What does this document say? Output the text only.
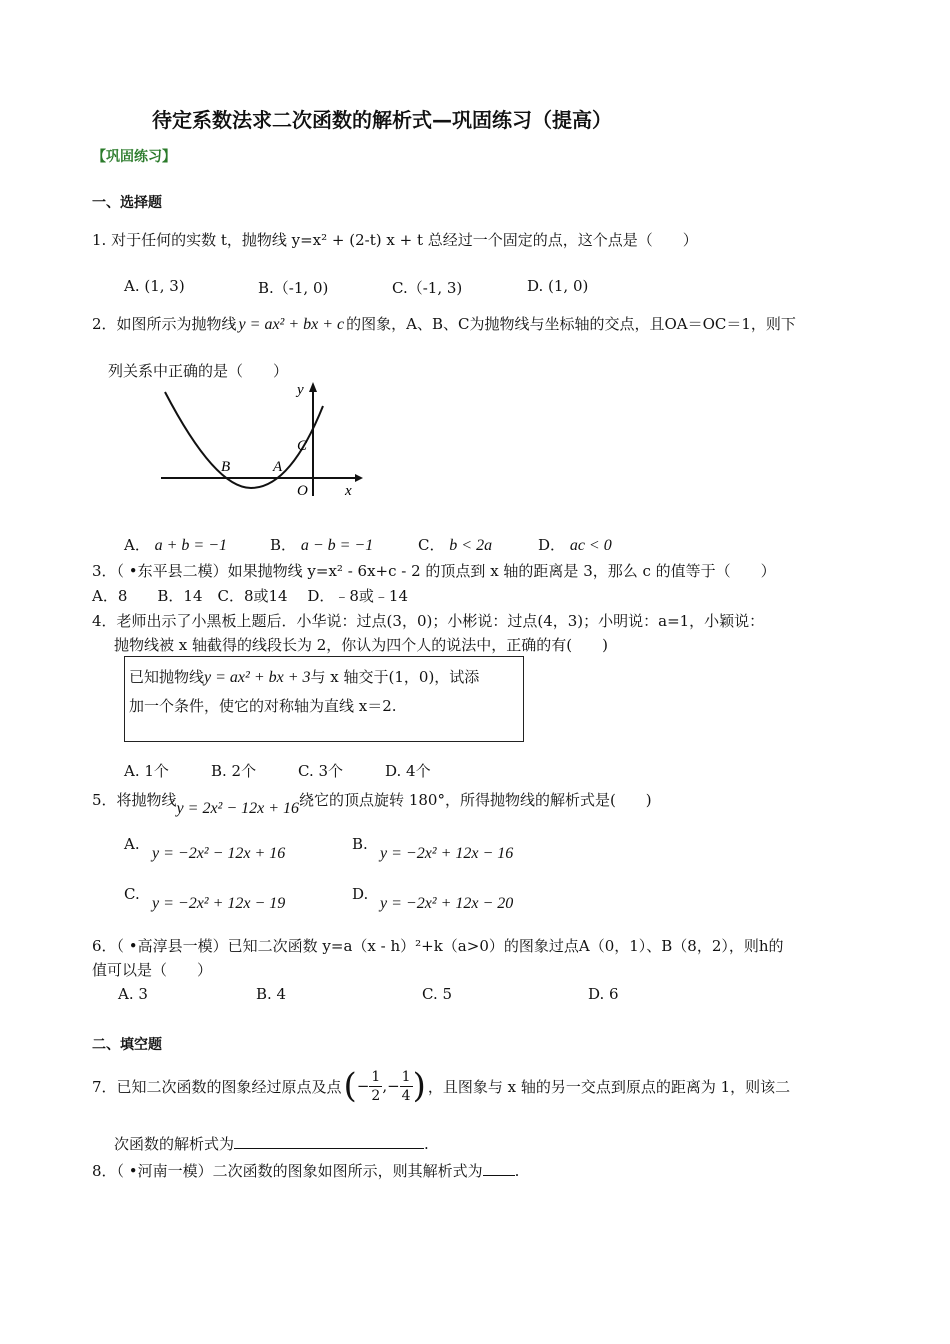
待定系数法求二次函数的解析式—巩固练习（提高）
【巩固练习】
一、选择题
1. 对于任何的实数 t，抛物线 y=x² + (2-t) x + t 总经过一个固定的点，这个点是（　　）
A. (1, 3)	B.（-1, 0)	C.（-1, 3)	D. (1, 0)
2．如图所示为抛物线 y = ax² + bx + c 的图象，A、B、C为抛物线与坐标轴的交点，且OA＝OC＝1，则下
列关系中正确的是（　　）
y
C
B	A
O x
A． a + b = −1	B． a − b = −1	C． b < 2a	D． ac < 0
3．（ •东平县二模）如果抛物线 y=x² - 6x+c - 2 的顶点到 x 轴的距离是 3，那么 c 的值等于（　　）
A．8　　B．14　C．8或14　 D．﹣8或﹣14
4．老师出示了小黑板上题后．小华说：过点(3，0)；小彬说：过点(4，3)；小明说：a=1，小颖说：
抛物线被 x 轴截得的线段长为 2，你认为四个人的说法中，正确的有(　　)
已知抛物线y = ax² + bx + 3与 x 轴交于(1，0)，试添
加一个条件，使它的对称轴为直线 x＝2.
A. 1个	B. 2个	C. 3个	D. 4个
5．将抛物线y = 2x² − 12x + 16绕它的顶点旋转 180°，所得抛物线的解析式是(　　)
A.
y = −2x² − 12x + 16
B.
y = −2x² + 12x − 16
C.
y = −2x² + 12x − 19
D.
y = −2x² + 12x − 20
6．（ •高淳县一模）已知二次函数 y=a（x - h）²+k（a>0）的图象过点A（0，1）、B（8，2），则h的
值可以是（　　）
A. 3	B. 4	C. 5	D. 6
二、填空题
7．已知二次函数的图象经过原点及点 ( − $\frac{1}{2}$ ,− $\frac{1}{4}$ ) ，且图象与 x 轴的另一交点到原点的距离为 1，则该二
次函数的解析式为	.
8．（ •河南一模）二次函数的图象如图所示，则其解析式为 .
